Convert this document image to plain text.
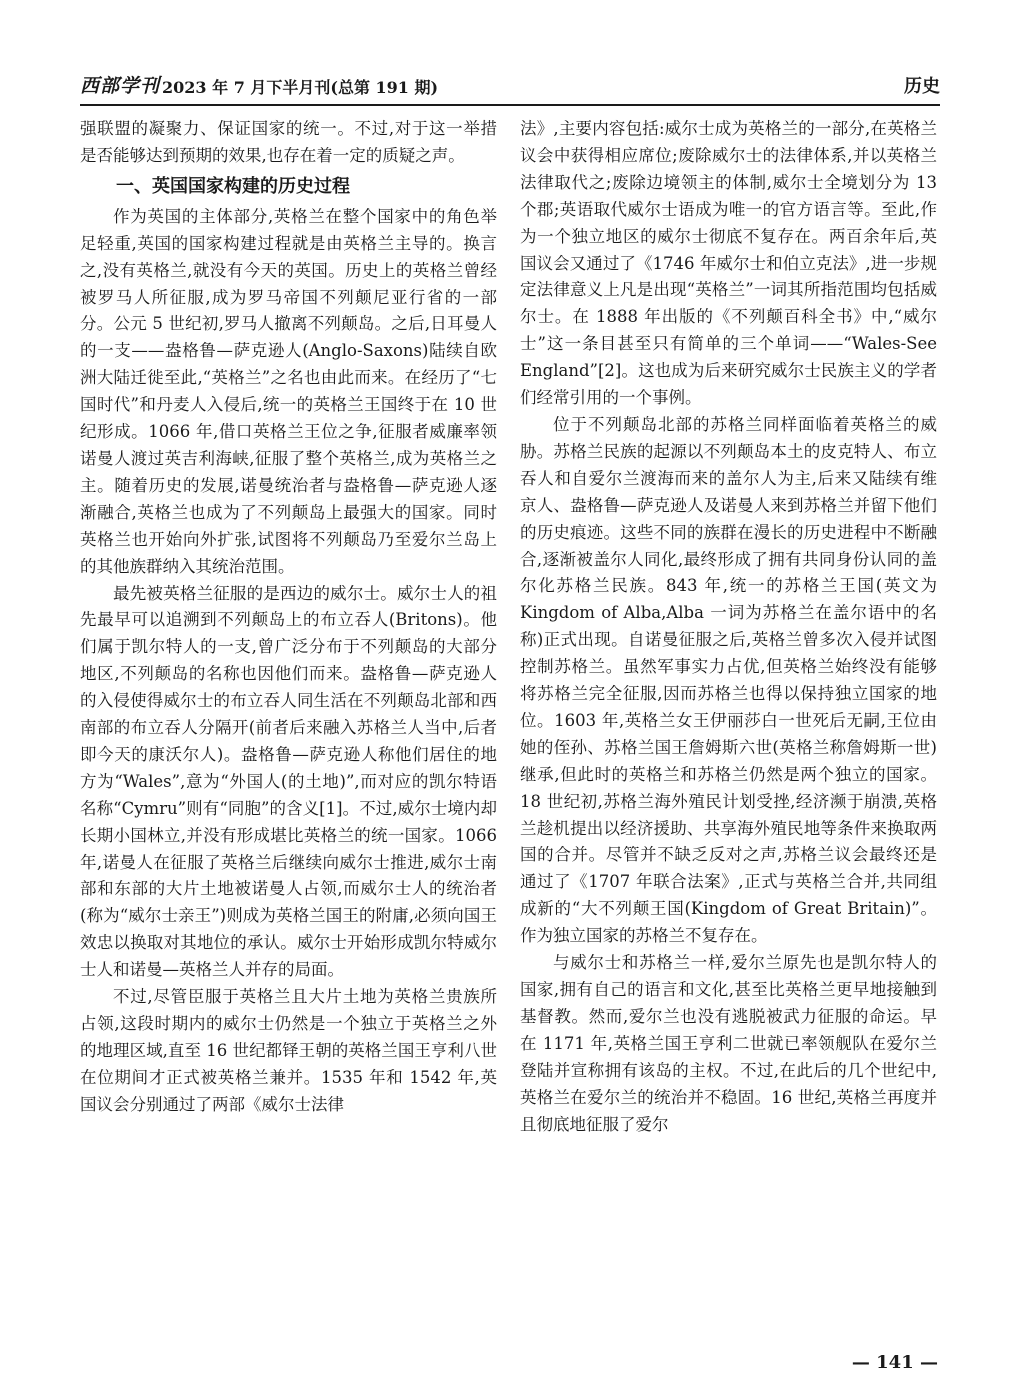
西部学刊 2023 年 7 月下半月刊(总第 191 期)	历史

强联盟的凝聚力、保证国家的统一。不过,对于这一举措是否能够达到预期的效果,也存在着一定的质疑之声。

一、英国国家构建的历史过程

作为英国的主体部分,英格兰在整个国家中的角色举足轻重,英国的国家构建过程就是由英格兰主导的。换言之,没有英格兰,就没有今天的英国。历史上的英格兰曾经被罗马人所征服,成为罗马帝国不列颠尼亚行省的一部分。公元 5 世纪初,罗马人撤离不列颠岛。之后,日耳曼人的一支——盎格鲁—萨克逊人(Anglo-Saxons)陆续自欧洲大陆迁徙至此,“英格兰”之名也由此而来。在经历了“七国时代”和丹麦人入侵后,统一的英格兰王国终于在 10 世纪形成。1066 年,借口英格兰王位之争,征服者威廉率领诺曼人渡过英吉利海峡,征服了整个英格兰,成为英格兰之主。随着历史的发展,诺曼统治者与盎格鲁—萨克逊人逐渐融合,英格兰也成为了不列颠岛上最强大的国家。同时英格兰也开始向外扩张,试图将不列颠岛乃至爱尔兰岛上的其他族群纳入其统治范围。

最先被英格兰征服的是西边的威尔士。威尔士人的祖先最早可以追溯到不列颠岛上的布立吞人(Britons)。他们属于凯尔特人的一支,曾广泛分布于不列颠岛的大部分地区,不列颠岛的名称也因他们而来。盎格鲁—萨克逊人的入侵使得威尔士的布立吞人同生活在不列颠岛北部和西南部的布立吞人分隔开(前者后来融入苏格兰人当中,后者即今天的康沃尔人)。盎格鲁—萨克逊人称他们居住的地方为“Wales”,意为“外国人(的土地)”,而对应的凯尔特语名称“Cymru”则有“同胞”的含义[1]。不过,威尔士境内却长期小国林立,并没有形成堪比英格兰的统一国家。1066 年,诺曼人在征服了英格兰后继续向威尔士推进,威尔士南部和东部的大片土地被诺曼人占领,而威尔士人的统治者(称为“威尔士亲王”)则成为英格兰国王的附庸,必须向国王效忠以换取对其地位的承认。威尔士开始形成凯尔特威尔士人和诺曼—英格兰人并存的局面。

不过,尽管臣服于英格兰且大片土地为英格兰贵族所占领,这段时期内的威尔士仍然是一个独立于英格兰之外的地理区域,直至 16 世纪都铎王朝的英格兰国王亨利八世在位期间才正式被英格兰兼并。1535 年和 1542 年,英国议会分别通过了两部《威尔士法律

法》,主要内容包括:威尔士成为英格兰的一部分,在英格兰议会中获得相应席位;废除威尔士的法律体系,并以英格兰法律取代之;废除边境领主的体制,威尔士全境划分为 13 个郡;英语取代威尔士语成为唯一的官方语言等。至此,作为一个独立地区的威尔士彻底不复存在。两百余年后,英国议会又通过了《1746 年威尔士和伯立克法》,进一步规定法律意义上凡是出现“英格兰”一词其所指范围均包括威尔士。在 1888 年出版的《不列颠百科全书》中,“威尔士”这一条目甚至只有简单的三个单词——“Wales-See England”[2]。这也成为后来研究威尔士民族主义的学者们经常引用的一个事例。

位于不列颠岛北部的苏格兰同样面临着英格兰的威胁。苏格兰民族的起源以不列颠岛本土的皮克特人、布立吞人和自爱尔兰渡海而来的盖尔人为主,后来又陆续有维京人、盎格鲁—萨克逊人及诺曼人来到苏格兰并留下他们的历史痕迹。这些不同的族群在漫长的历史进程中不断融合,逐渐被盖尔人同化,最终形成了拥有共同身份认同的盖尔化苏格兰民族。843 年,统一的苏格兰王国(英文为 Kingdom of Alba,Alba 一词为苏格兰在盖尔语中的名称)正式出现。自诺曼征服之后,英格兰曾多次入侵并试图控制苏格兰。虽然军事实力占优,但英格兰始终没有能够将苏格兰完全征服,因而苏格兰也得以保持独立国家的地位。1603 年,英格兰女王伊丽莎白一世死后无嗣,王位由她的侄孙、苏格兰国王詹姆斯六世(英格兰称詹姆斯一世)继承,但此时的英格兰和苏格兰仍然是两个独立的国家。18 世纪初,苏格兰海外殖民计划受挫,经济濒于崩溃,英格兰趁机提出以经济援助、共享海外殖民地等条件来换取两国的合并。尽管并不缺乏反对之声,苏格兰议会最终还是通过了《1707 年联合法案》,正式与英格兰合并,共同组成新的“大不列颠王国(Kingdom of Great Britain)”。作为独立国家的苏格兰不复存在。

与威尔士和苏格兰一样,爱尔兰原先也是凯尔特人的国家,拥有自己的语言和文化,甚至比英格兰更早地接触到基督教。然而,爱尔兰也没有逃脱被武力征服的命运。早在 1171 年,英格兰国王亨利二世就已率领舰队在爱尔兰登陆并宣称拥有该岛的主权。不过,在此后的几个世纪中,英格兰在爱尔兰的统治并不稳固。16 世纪,英格兰再度并且彻底地征服了爱尔

— 141 —
